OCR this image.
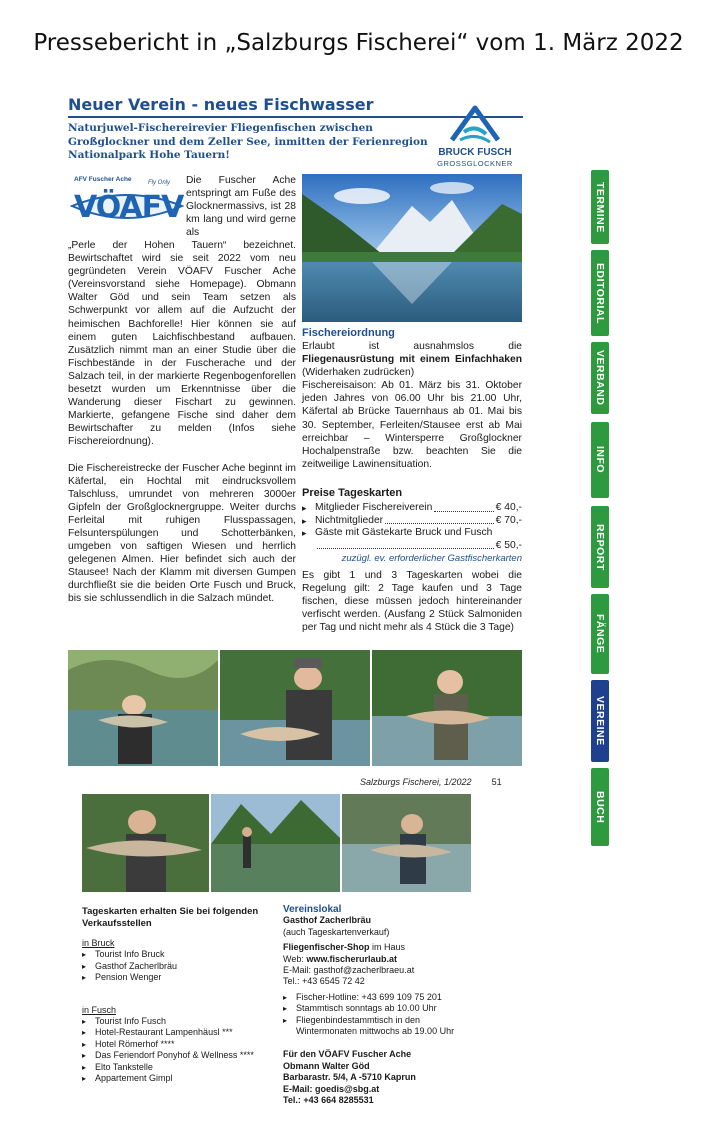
Pressebericht in „Salzburgs Fischerei“ vom 1. März 2022
Neuer Verein - neues Fischwasser
Naturjuwel-Fischereirevier Fliegenfischen zwischen Großglockner und dem Zeller See, inmitten der Ferienregion Nationalpark Hohe Tauern!	BRUCK FUSCH
GROSSGLOCKNER
AFV Fuscher Ache	Fly Only
VÖAFV
Die Fuscher Ache entspringt am Fuße des Glocknermassivs, ist 28 km lang und wird gerne als

„Perle der Hohen Tauern“ bezeichnet. Bewirtschaftet wird sie seit 2022 vom neu gegründeten Verein VÖAFV Fuscher Ache (Vereinsvorstand siehe Homepage). Obmann Walter Göd und sein Team setzen als Schwerpunkt vor allem auf die Aufzucht der heimischen Bachforelle! Hier können sie auf einem guten Laichfischbestand aufbauen. Zusätzlich nimmt man an einer Studie über die Fischbestände in der Fuscherache und der Salzach teil, in der markierte Regenbogenforellen besetzt wurden um Erkenntnisse über die Wanderung dieser Fischart zu gewinnen. Markierte, gefangene Fische sind daher dem Bewirtschafter zu melden (Infos siehe Fischereiordnung).

Die Fischereistrecke der Fuscher Ache beginnt im Käfertal, ein Hochtal mit eindrucksvollem Talschluss, umrundet von mehreren 3000er Gipfeln der Großglocknergruppe. Weiter durchs Ferleital mit ruhigen Flusspassagen, Felsunterspülungen und Schotterbänken, umgeben von saftigen Wiesen und herrlich gelegenen Almen. Hier befindet sich auch der Stausee! Nach der Klamm mit diversen Gumpen durchfließt sie die beiden Orte Fusch und Bruck, bis sie schlussendlich in die Salzach mündet.

Fischereiordnung

Erlaubt ist ausnahmslos die Fliegenausrüstung mit einem Einfachhaken (Widerhaken zudrücken)

Fischereisaison: Ab 01. März bis 31. Oktober jeden Jahres von 06.00 Uhr bis 21.00 Uhr, Käfertal ab Brücke Tauernhaus ab 01. Mai bis 30. September, Ferleiten/Stausee erst ab Mai erreichbar – Wintersperre Großglockner Hochalpenstraße bzw. beachten Sie die zeitweilige Lawinensituation.

Preise Tageskarten
▸ Mitglieder Fischereiverein	€ 40,-
▸ Nichtmitglieder	€ 70,-
▸ Gäste mit Gästekarte Bruck und Fusch
€ 50,-
zuzügl. ev. erforderlicher Gastfischerkarten
Es gibt 1 und 3 Tageskarten wobei die Regelung gilt: 2 Tage kaufen und 3 Tage fischen, diese müssen jedoch hintereinander verfischt werden. (Ausfang 2 Stück Salmoniden per Tag und nicht mehr als 4 Stück die 3 Tage)
TERMINE
EDITORIAL
VERBAND
INFO
REPORT
FÄNGE
VEREINE
BUCH
Salzburgs Fischerei, 1/2022 51
Tageskarten erhalten Sie bei folgenden Verkaufsstellen
in Bruck
▸ Tourist Info Bruck
▸ Gasthof Zacherlbräu
▸ Pension Wenger
in Fusch
▸ Tourist Info Fusch
▸ Hotel-Restaurant Lampenhäusl ***
▸ Hotel Römerhof ****
▸ Das Feriendorf Ponyhof & Wellness ****
▸ Elto Tankstelle
▸ Appartement Gimpl
Vereinslokal
Gasthof Zacherlbräu
(auch Tageskartenverkauf)
Fliegenfischer-Shop im Haus
Web: www.fischerurlaub.at
E-Mail: gasthof@zacherlbraeu.at
Tel.: +43 6545 72 42
▸ Fischer-Hotline: +43 699 109 75 201
▸ Stammtisch sonntags ab 10.00 Uhr
▸ Fliegenbindestammtisch in den Wintermonaten mittwochs ab 19.00 Uhr
Für den VÖAFV Fuscher Ache
Obmann Walter Göd
Barbarastr. 5/4, A -5710 Kaprun
E-Mail: goedis@sbg.at
Tel.: +43 664 8285531
